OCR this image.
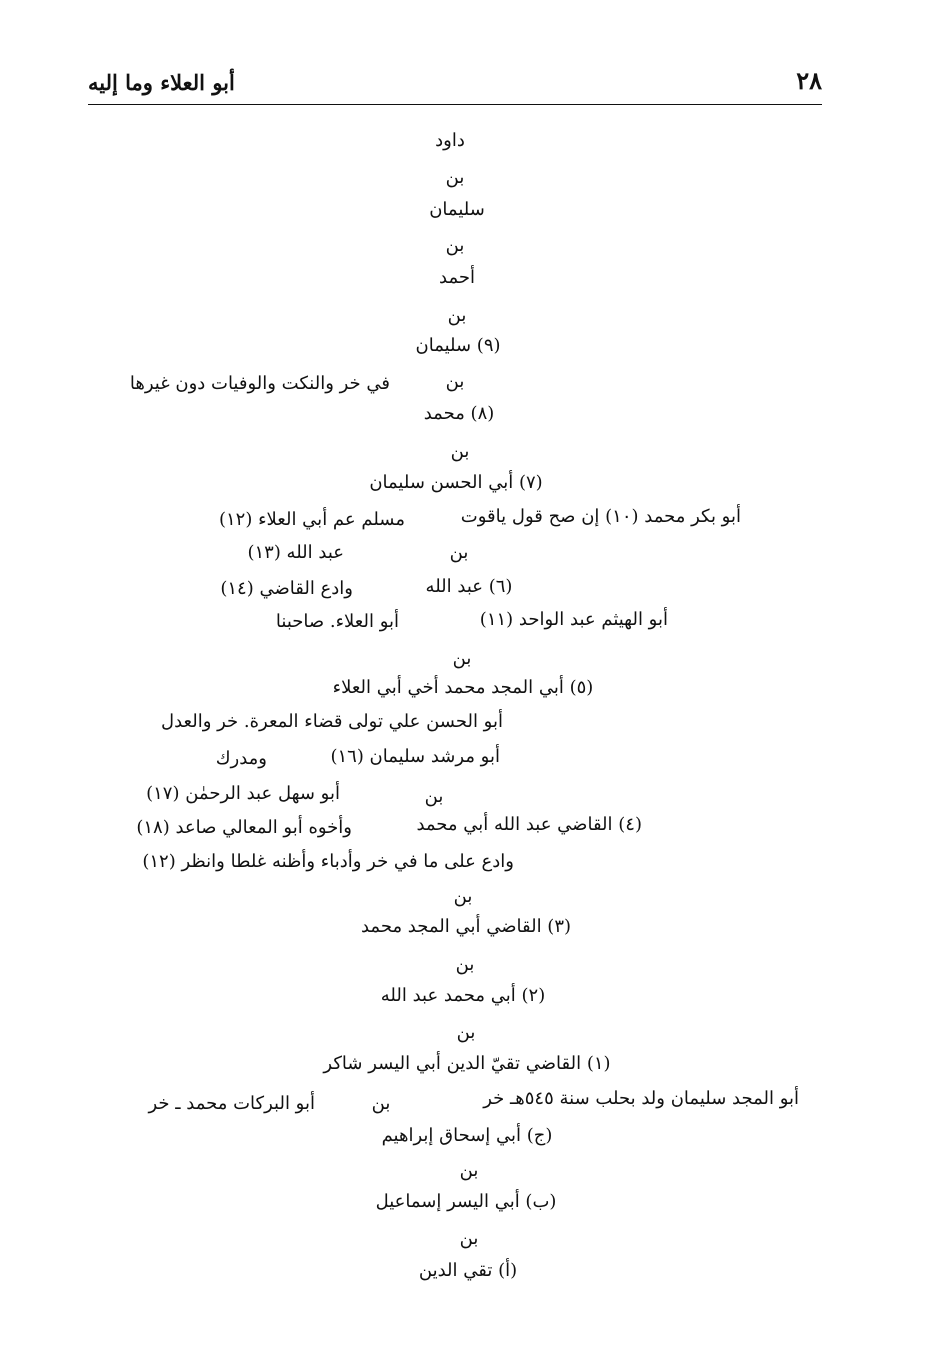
أبو العلاء وما إليه	٢٨
داود
بن
سليمان
بن
أحمد
بن
(٩) سليمان
بن
في خر والنكت والوفيات دون غيرها
(٨) محمد
بن
(٧) أبي الحسن سليمان
أبو بكر محمد (١٠) إن صح قول ياقوت
مسلم عم أبي العلاء (١٢)
بن
عبد الله (١٣)
(٦) عبد الله
وادع القاضي (١٤)
أبو الهيثم عبد الواحد (١١)
أبو العلاء. صاحبنا
بن
(٥) أبي المجد محمد أخي أبي العلاء
أبو الحسن علي تولى قضاء المعرة. خر والعدل
أبو مرشد سليمان (١٦)
ومدرك
بن
أبو سهل عبد الرحمٰن (١٧)
(٤) القاضي عبد الله أبي محمد
وأخوه أبو المعالي صاعد (١٨)
وادع على ما في خر وأدباء وأظنه غلطا وانظر (١٢)
بن
(٣) القاضي أبي المجد محمد
بن
(٢) أبي محمد عبد الله
بن
(١) القاضي تقيّ الدين أبي اليسر شاكر
أبو المجد سليمان ولد بحلب سنة ٥٤٥هـ خر
بن
أبو البركات محمد ـ خر
(ج) أبي إسحاق إبراهيم
بن
(ب) أبي اليسر إسماعيل
بن
(أ) تقي الدين
